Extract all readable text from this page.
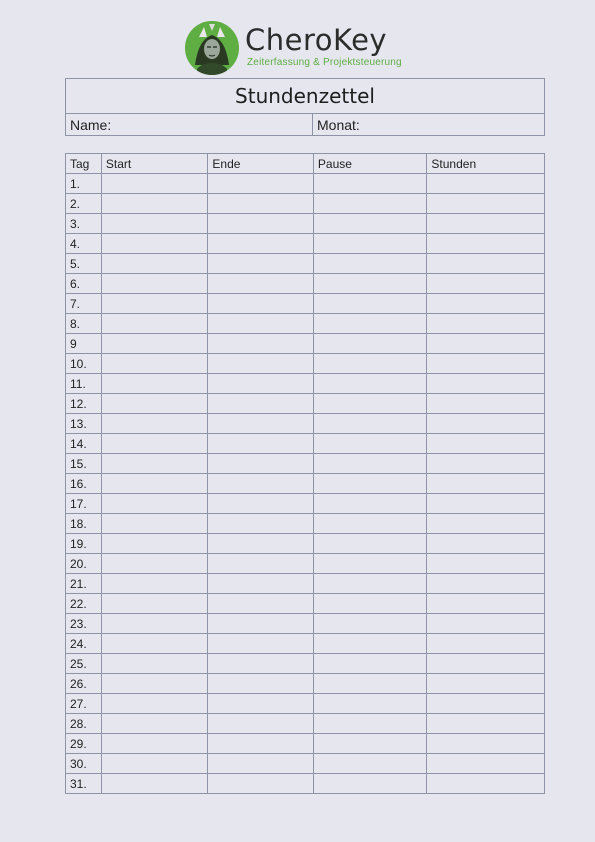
CheroKey
Zeiterfassung & Projektsteuerung
Stundenzettel
Name:	Monat:
Tag	Start	Ende	Pause	Stunden
1.				
2.				
3.				
4.				
5.				
6.				
7.				
8.				
9				
10.				
11.				
12.				
13.				
14.				
15.				
16.				
17.				
18.				
19.				
20.				
21.				
22.				
23.				
24.				
25.				
26.				
27.				
28.				
29.				
30.				
31.				
